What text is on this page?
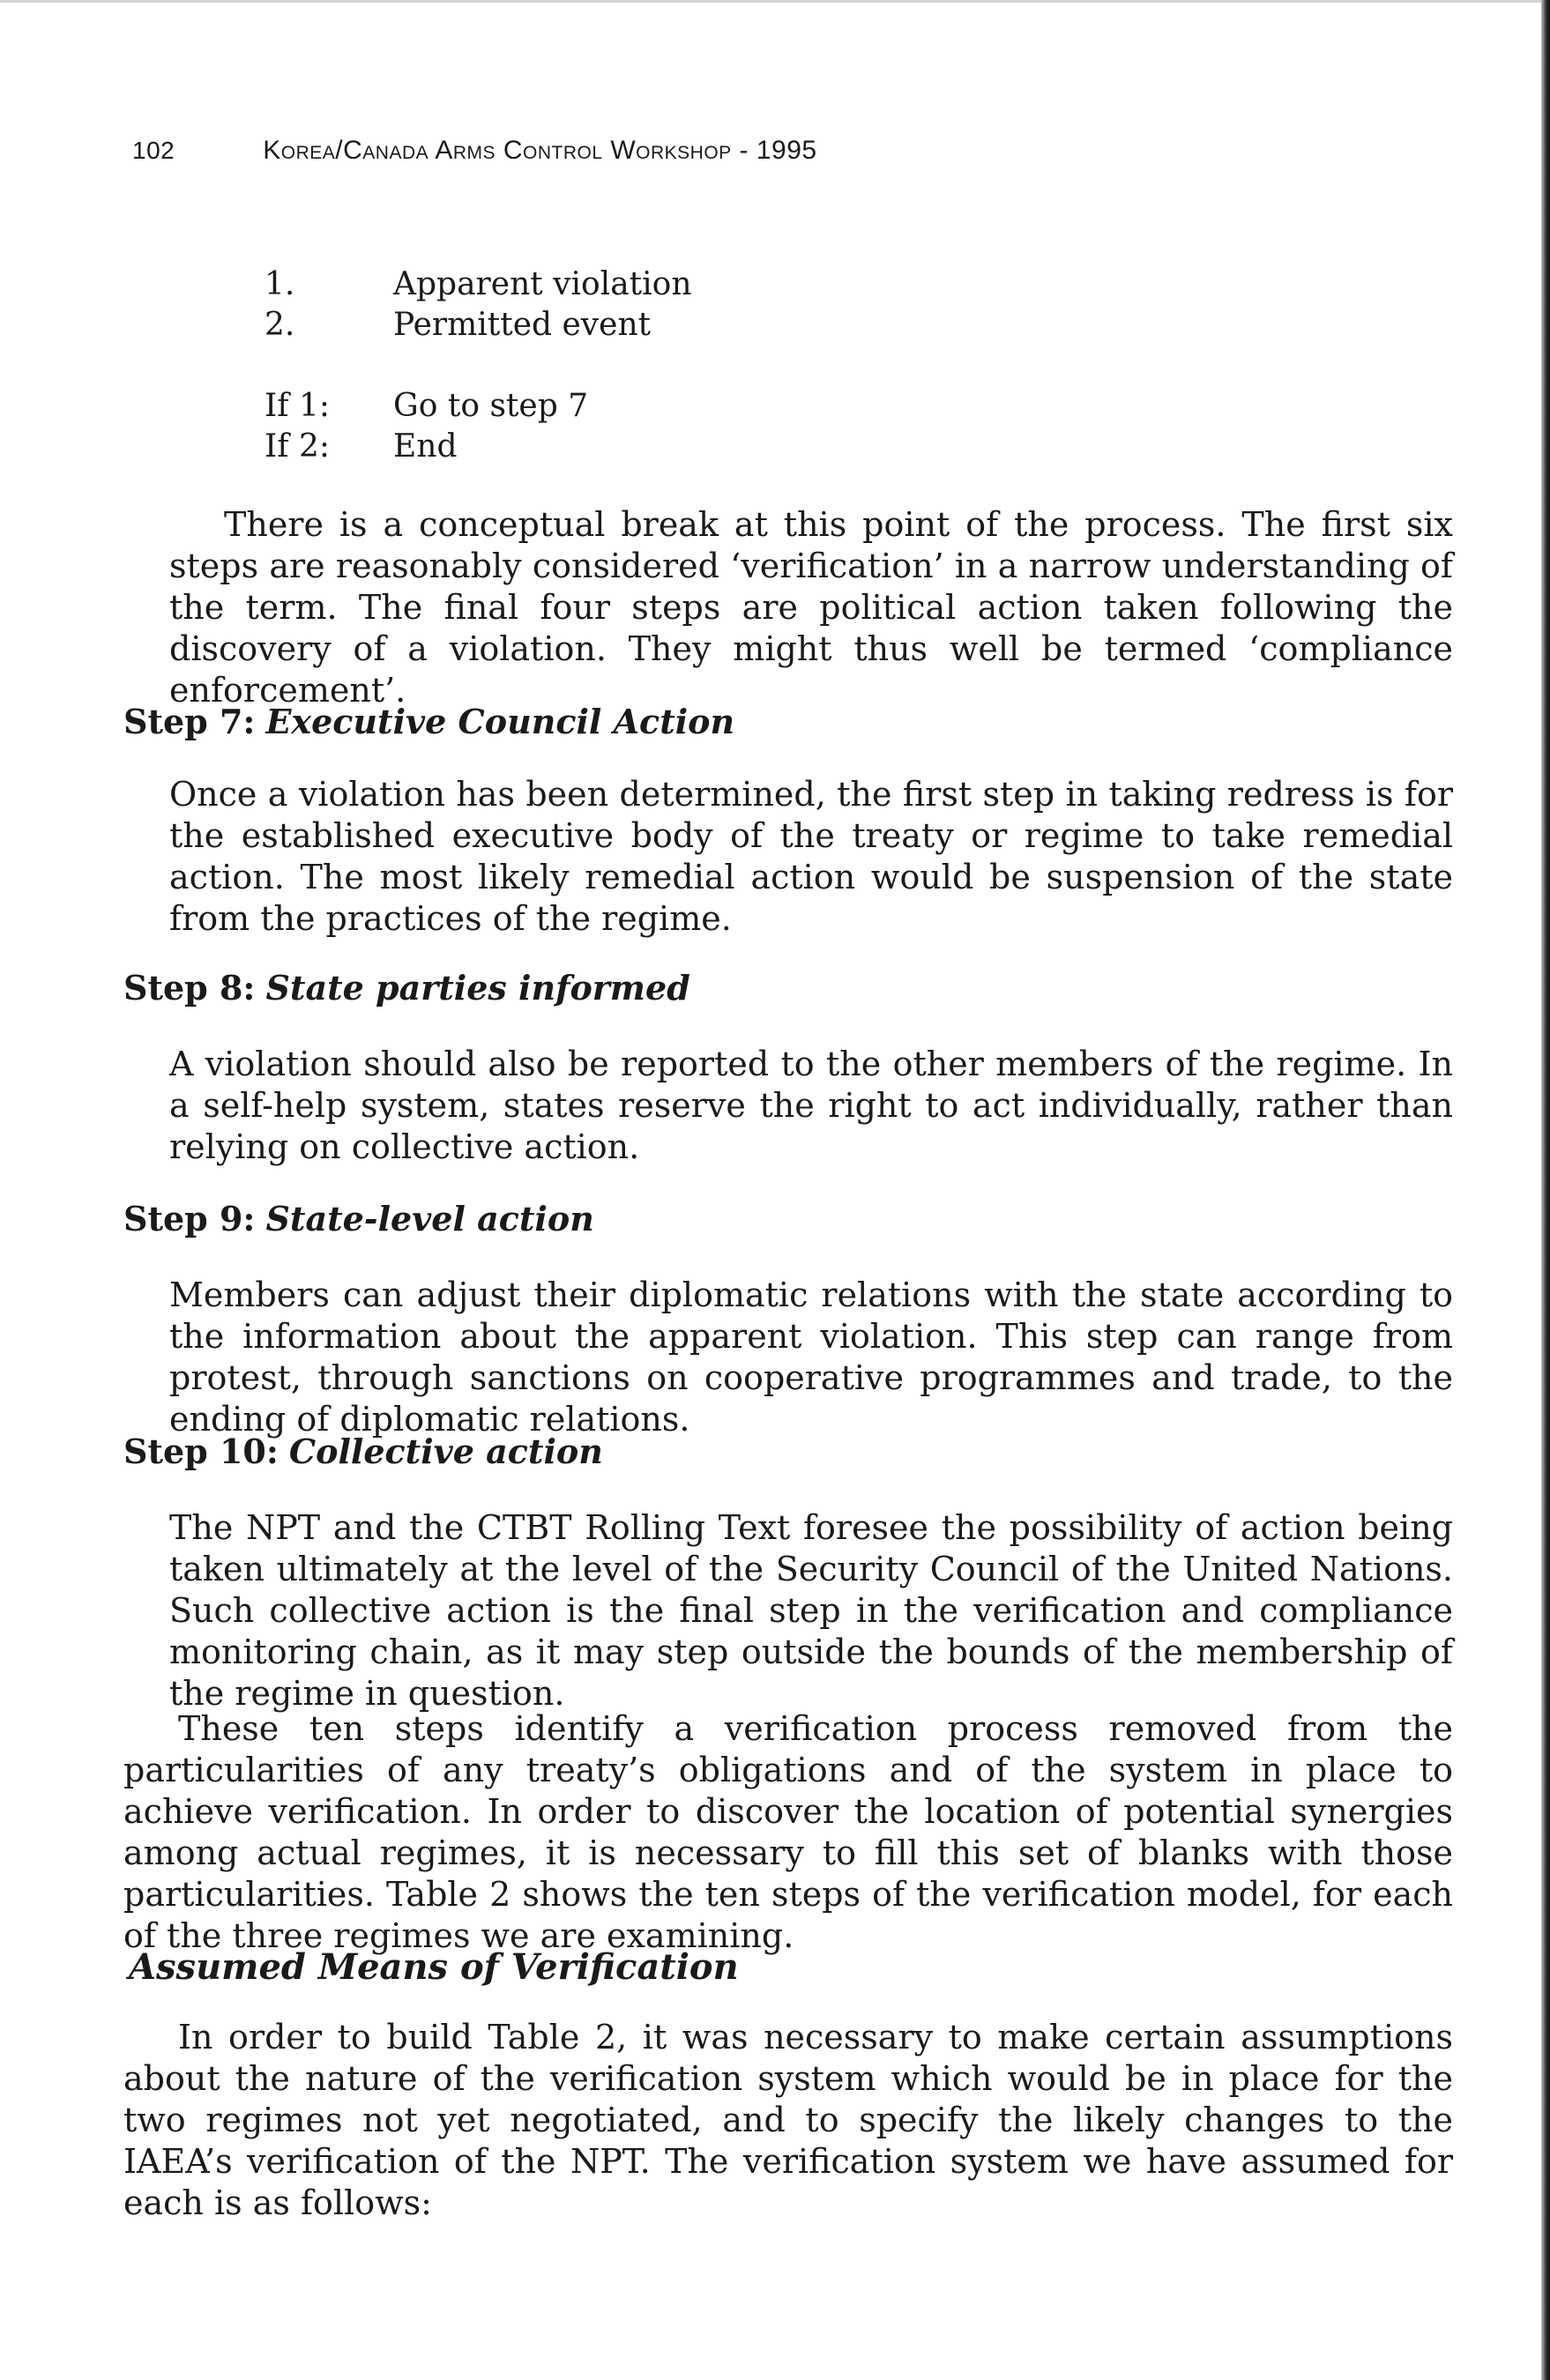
102	Korea/Canada Arms Control Workshop - 1995
1.	Apparent violation
2.	Permitted event
If 1: Go to step 7
If 2: End

There is a conceptual break at this point of the process. The first six steps are reasonably considered ‘verification’ in a narrow understanding of the term. The final four steps are political action taken following the discovery of a violation. They might thus well be termed ‘compliance enforcement’.

Step 7: Executive Council Action

Once a violation has been determined, the first step in taking redress is for the established executive body of the treaty or regime to take remedial action. The most likely remedial action would be suspension of the state from the practices of the regime.

Step 8: State parties informed

A violation should also be reported to the other members of the regime. In a self-help system, states reserve the right to act individually, rather than relying on collective action.

Step 9: State-level action

Members can adjust their diplomatic relations with the state according to the information about the apparent violation. This step can range from protest, through sanctions on cooperative programmes and trade, to the ending of diplomatic relations.

Step 10: Collective action

The NPT and the CTBT Rolling Text foresee the possibility of action being taken ultimately at the level of the Security Council of the United Nations. Such collective action is the final step in the verification and compliance monitoring chain, as it may step outside the bounds of the membership of the regime in question.

These ten steps identify a verification process removed from the particularities of any treaty’s obligations and of the system in place to achieve verification. In order to discover the location of potential synergies among actual regimes, it is necessary to fill this set of blanks with those particularities. Table 2 shows the ten steps of the verification model, for each of the three regimes we are examining.

Assumed Means of Verification

In order to build Table 2, it was necessary to make certain assumptions about the nature of the verification system which would be in place for the two regimes not yet negotiated, and to specify the likely changes to the IAEA’s verification of the NPT. The verification system we have assumed for each is as follows:
